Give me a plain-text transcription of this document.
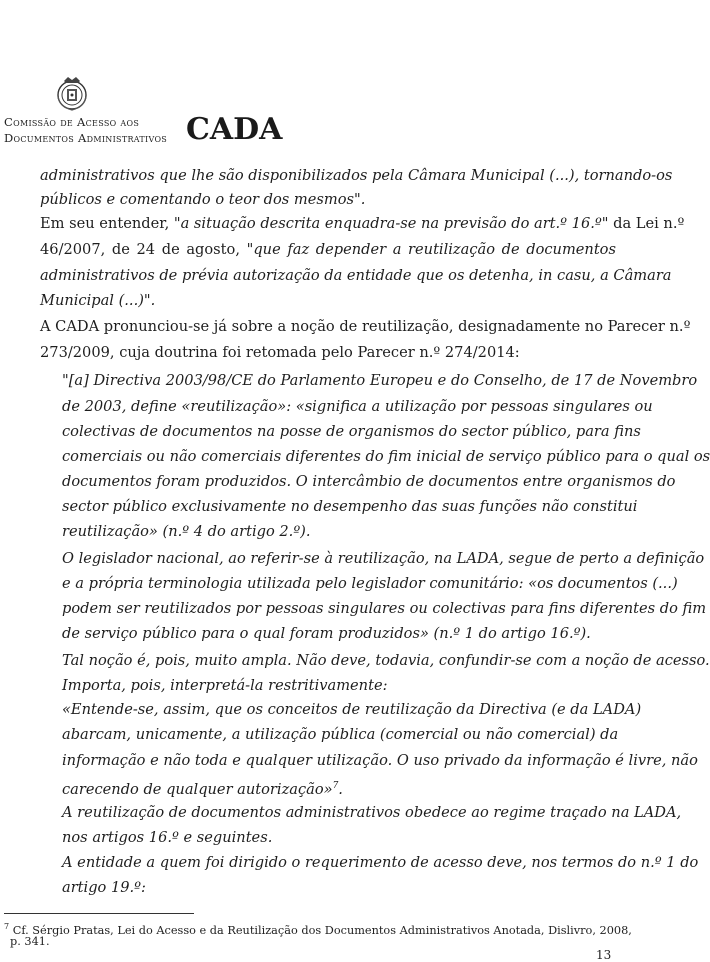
Comissão de Acesso aos
Documentos Administrativos CADA
administrativos que lhe são disponibilizados pela Câmara Municipal (...), tornando-os
públicos e comentando o teor dos mesmos".
Em seu entender, "a situação descrita enquadra-se na previsão do art.º 16.º" da Lei n.º
46/2007, de 24 de agosto, "que faz depender a reutilização de documentos
administrativos de prévia autorização da entidade que os detenha, in casu, a Câmara
Municipal (...)".
A CADA pronunciou-se já sobre a noção de reutilização, designadamente no Parecer n.º
273/2009, cuja doutrina foi retomada pelo Parecer n.º 274/2014:
"[a] Directiva 2003/98/CE do Parlamento Europeu e do Conselho, de 17 de Novembro
de 2003, define «reutilização»: «significa a utilização por pessoas singulares ou
colectivas de documentos na posse de organismos do sector público, para fins
comerciais ou não comerciais diferentes do fim inicial de serviço público para o qual os
documentos foram produzidos. O intercâmbio de documentos entre organismos do
sector público exclusivamente no desempenho das suas funções não constitui
reutilização» (n.º 4 do artigo 2.º).
O legislador nacional, ao referir-se à reutilização, na LADA, segue de perto a definição
e a própria terminologia utilizada pelo legislador comunitário: «os documentos (...)
podem ser reutilizados por pessoas singulares ou colectivas para fins diferentes do fim
de serviço público para o qual foram produzidos» (n.º 1 do artigo 16.º).
Tal noção é, pois, muito ampla. Não deve, todavia, confundir-se com a noção de acesso.
Importa, pois, interpretá-la restritivamente:
«Entende-se, assim, que os conceitos de reutilização da Directiva (e da LADA)
abarcam, unicamente, a utilização pública (comercial ou não comercial) da
informação e não toda e qualquer utilização. O uso privado da informação é livre, não
carecendo de qualquer autorização»$^7$.
A reutilização de documentos administrativos obedece ao regime traçado na LADA,
nos artigos 16.º e seguintes.
A entidade a quem foi dirigido o requerimento de acesso deve, nos termos do n.º 1 do
artigo 19.º:
$^7$ Cf. Sérgio Pratas, Lei do Acesso e da Reutilização dos Documentos Administrativos Anotada, Dislivro, 2008,
p. 341.
13
